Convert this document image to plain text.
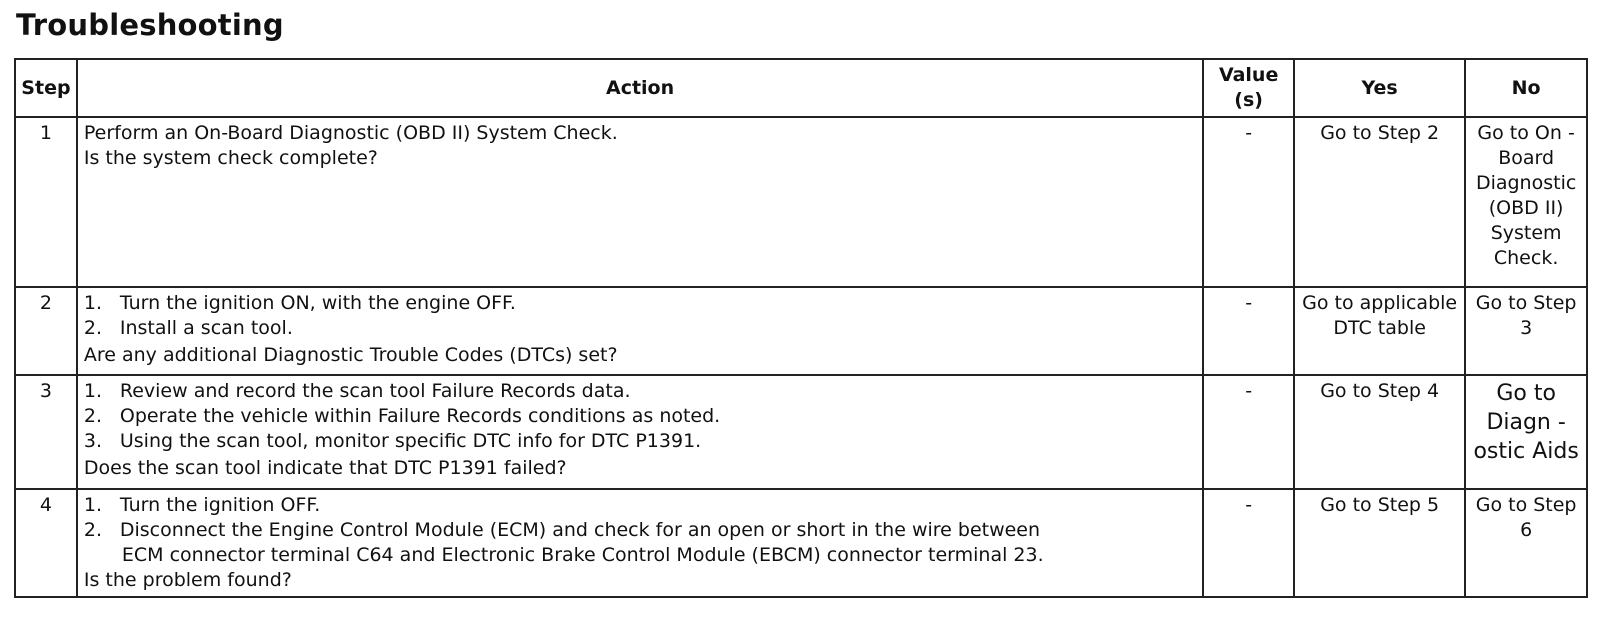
Troubleshooting
Step	Action	Value (s)	Yes	No
1	Perform an On-Board Diagnostic (OBD II) System Check.
Is the system check complete?	-	Go to Step 2	Go to On -Board Diagnostic (OBD II) System Check.
2	1. Turn the ignition ON, with the engine OFF.
2. Install a scan tool.
Are any additional Diagnostic Trouble Codes (DTCs) set?	-	Go to applicable DTC table	Go to Step 3
3	1. Review and record the scan tool Failure Records data.
2. Operate the vehicle within Failure Records conditions as noted.
3. Using the scan tool, monitor specific DTC info for DTC P1391.
Does the scan tool indicate that DTC P1391 failed?	-	Go to Step 4	Go to Diagn - ostic Aids
4	1. Turn the ignition OFF.
2. Disconnect the Engine Control Module (ECM) and check for an open or short in the wire between
ECM connector terminal C64 and Electronic Brake Control Module (EBCM) connector terminal 23.
Is the problem found?	-	Go to Step 5	Go to Step 6
